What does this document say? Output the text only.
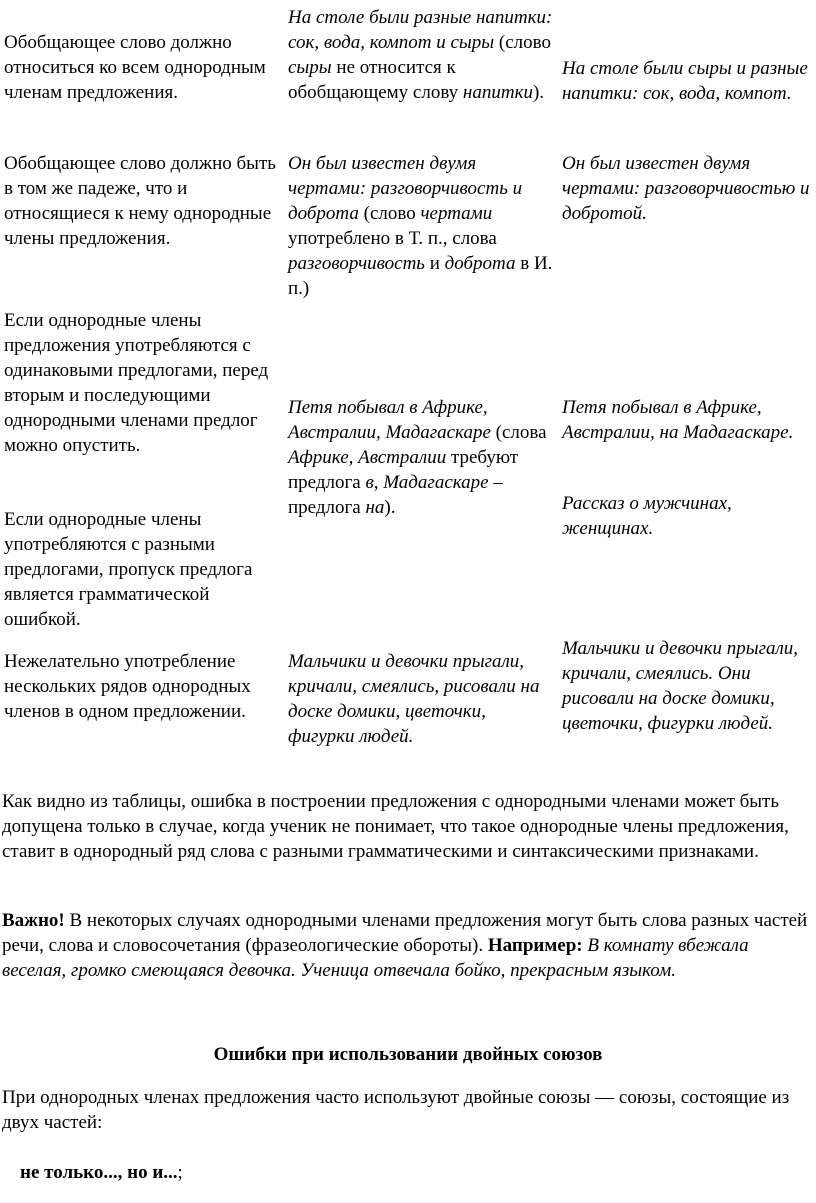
Обобщающее слово должно относиться ко всем однородным членам предложения.
На столе были разные напитки: сок, вода, компот и сыры (слово сыры не относится к обобщающему слову напитки).
На столе были сыры и разные напитки: сок, вода, компот.
Обобщающее слово должно быть в том же падеже, что и относящиеся к нему однородные члены предложения.
Он был известен двумя чертами: разговорчивость и доброта (слово чертами употреблено в Т. п., слова разговорчивость и доброта в И. п.)
Он был известен двумя чертами: разговорчивостью и добротой.
Если однородные члены предложения употребляются с одинаковыми предлогами, перед вторым и последующими однородными членами предлог можно опустить.
Если однородные члены употребляются с разными предлогами, пропуск предлога является грамматической ошибкой.
Петя побывал в Африке, Австралии, Мадагаскаре (слова Африке, Австралии требуют предлога в, Мадагаскаре – предлога на).
Петя побывал в Африке, Австралии, на Мадагаскаре.
Рассказ о мужчинах, женщинах.
Нежелательно употребление нескольких рядов однородных членов в одном предложении.
Мальчики и девочки прыгали, кричали, смеялись, рисовали на доске домики, цветочки, фигурки людей.
Мальчики и девочки прыгали, кричали, смеялись. Они рисовали на доске домики, цветочки, фигурки людей.
Как видно из таблицы, ошибка в построении предложения с однородными членами может быть допущена только в случае, когда ученик не понимает, что такое однородные члены предложения, ставит в однородный ряд слова с разными грамматическими и синтаксическими признаками.
Важно! В некоторых случаях однородными членами предложения могут быть слова разных частей речи, слова и словосочетания (фразеологические обороты). Например: В комнату вбежала веселая, громко смеющаяся девочка. Ученица отвечала бойко, прекрасным языком.
Ошибки при использовании двойных союзов
При однородных членах предложения часто используют двойные союзы — союзы, состоящие из двух частей:
не только..., но и...;
